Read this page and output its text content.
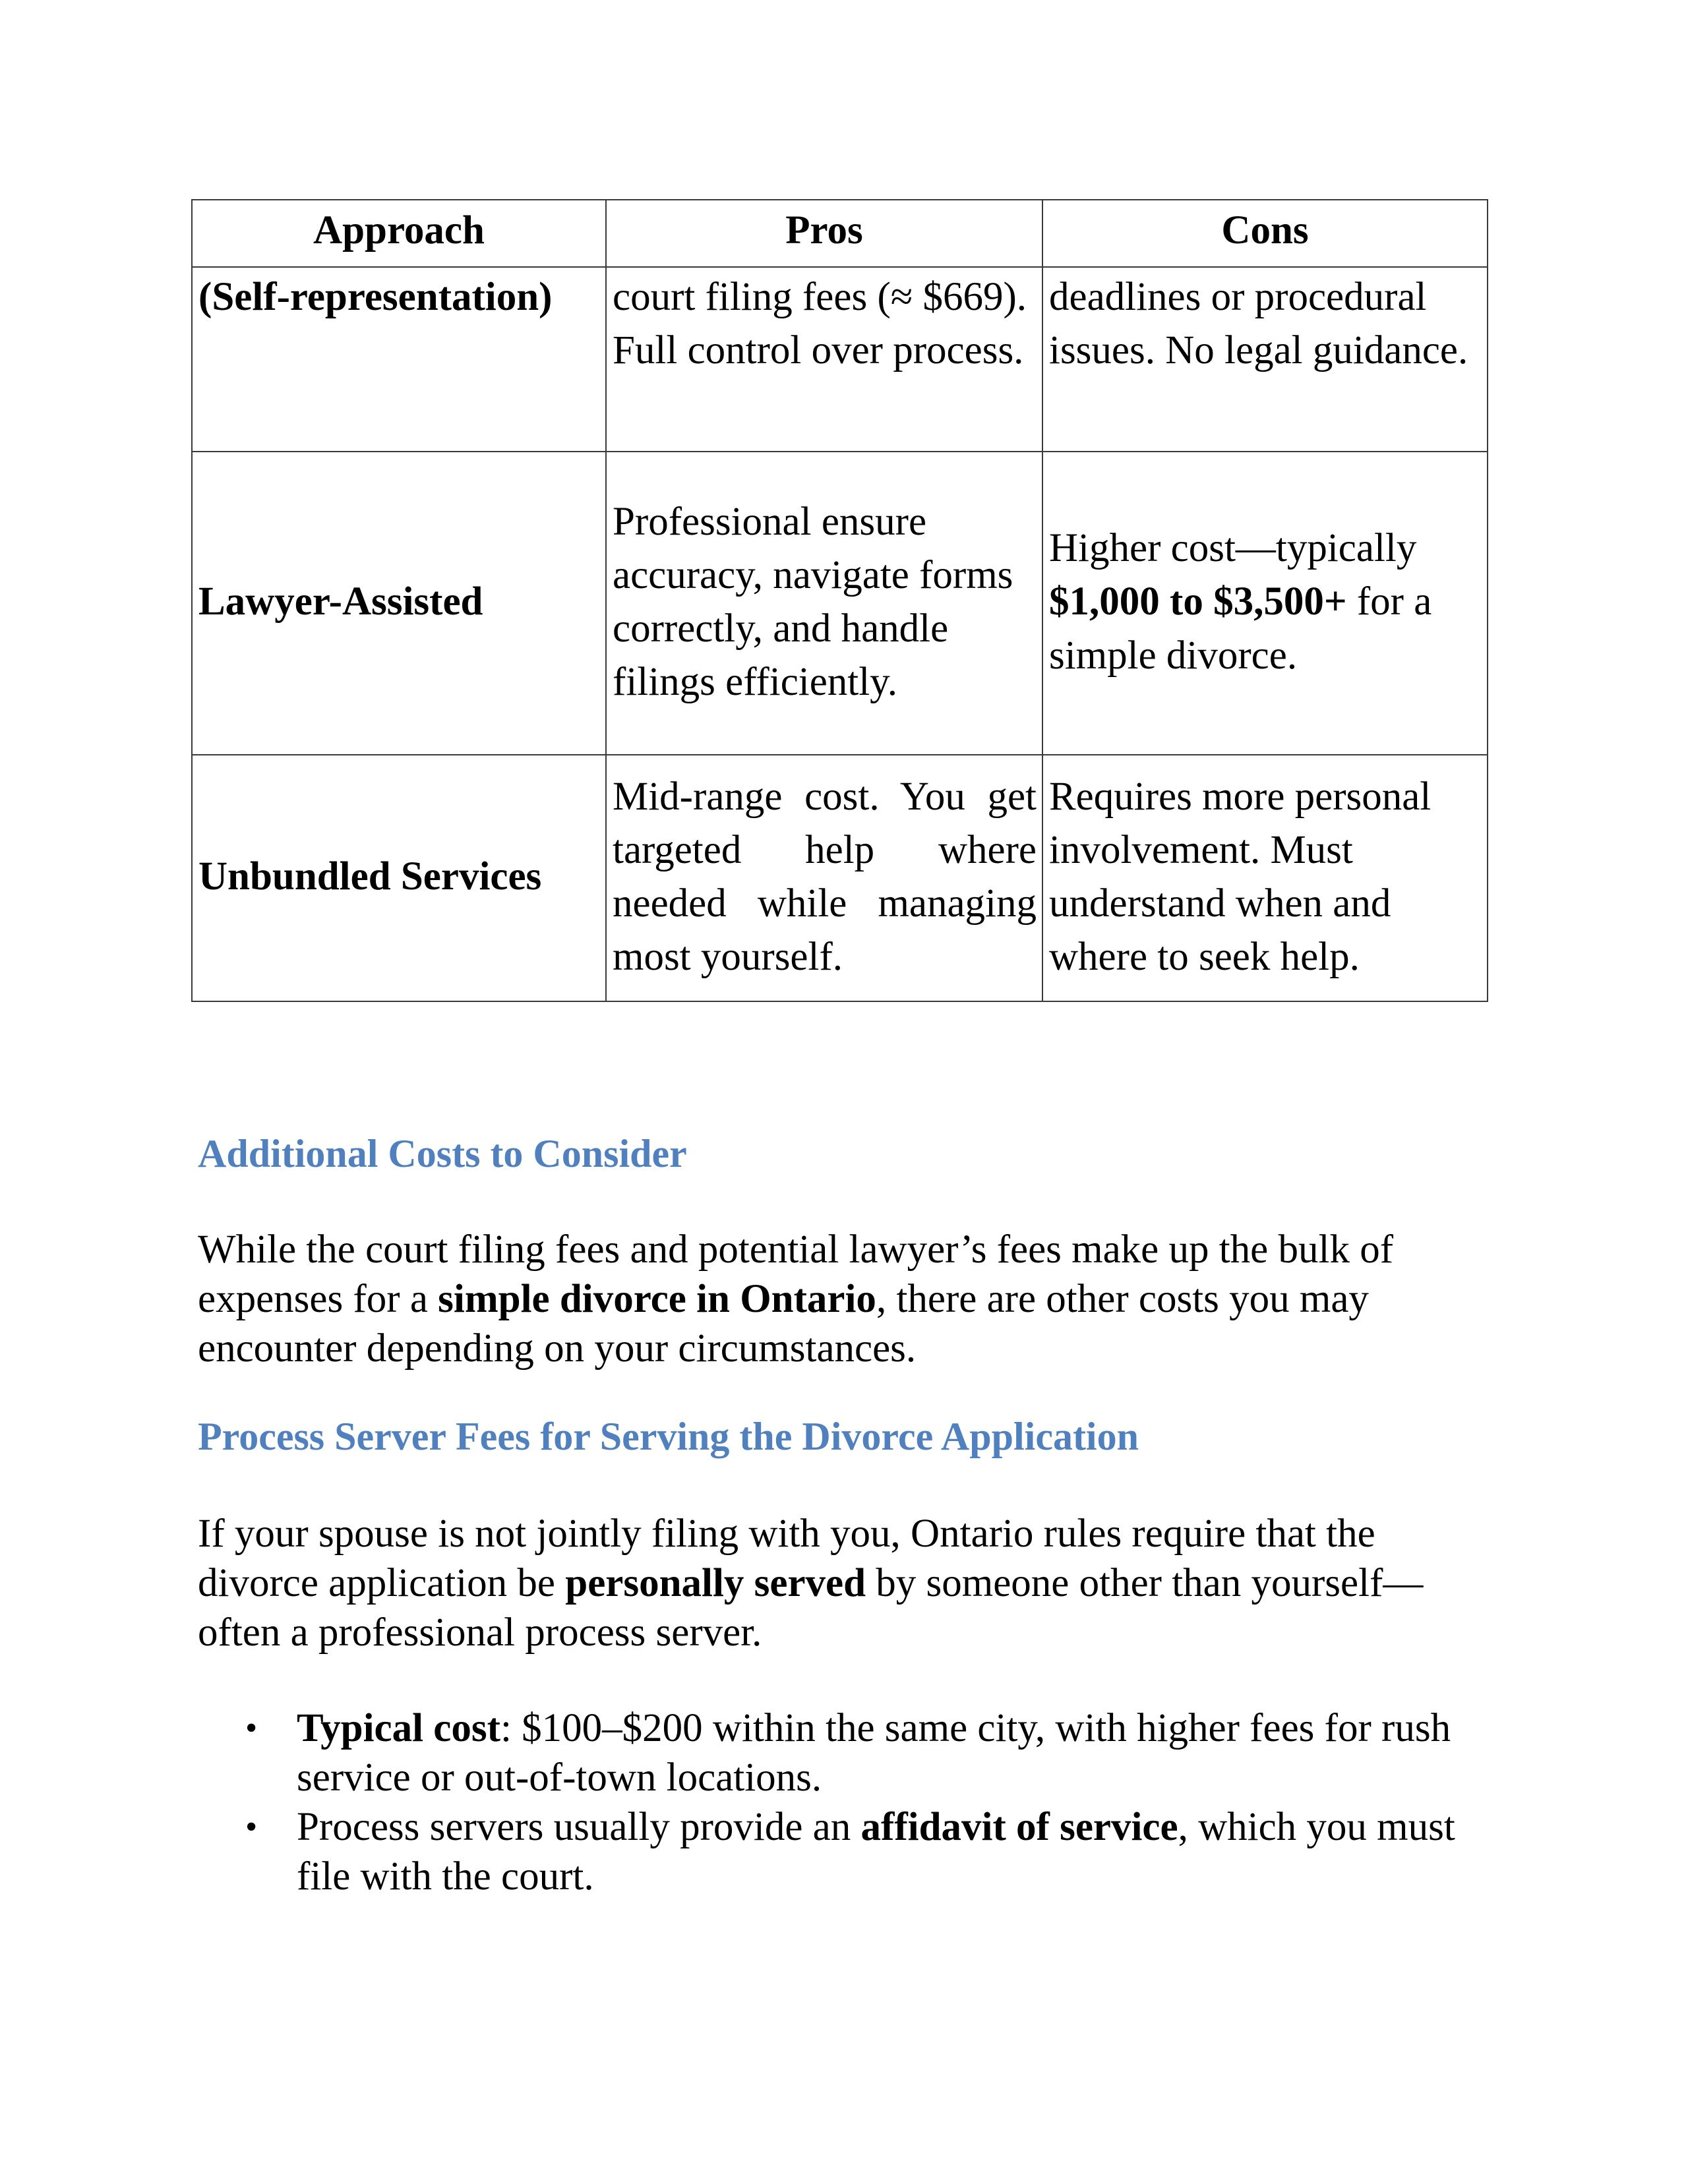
Approach	Pros	Cons
(Self-representation)	court filing fees (≈ $669). Full control over process.	deadlines or procedural issues. No legal guidance.
Lawyer-Assisted	Professional ensure accuracy, navigate forms correctly, and handle filings efficiently.	Higher cost—typically $1,000 to $3,500+ for a simple divorce.
Unbundled Services	Mid-range cost. You get targeted help where needed while managing most yourself.	Requires more personal involvement. Must understand when and where to seek help.
Additional Costs to Consider

While the court filing fees and potential lawyer’s fees make up the bulk of expenses for a simple divorce in Ontario, there are other costs you may encounter depending on your circumstances.

Process Server Fees for Serving the Divorce Application

If your spouse is not jointly filing with you, Ontario rules require that the divorce application be personally served by someone other than yourself—often a professional process server.

• Typical cost: $100–$200 within the same city, with higher fees for rush service or out-of-town locations.
• Process servers usually provide an affidavit of service, which you must file with the court.
